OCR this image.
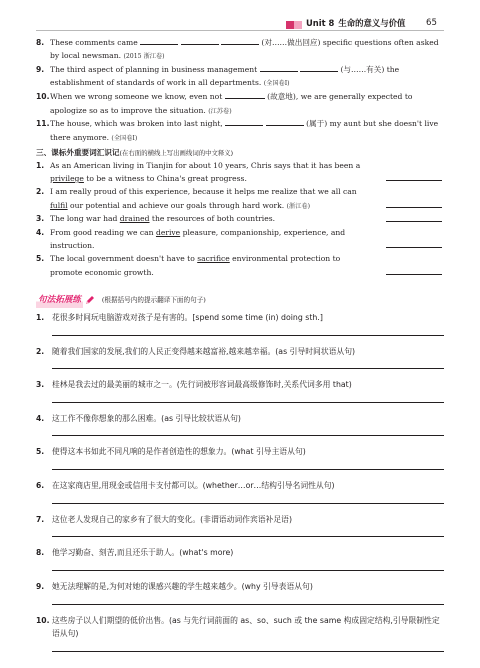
Unit 8 生命的意义与价值 65
8. These comments came	(对……做出回应) specific questions often asked by local newsman. (2015 浙江卷)
9. The third aspect of planning in business management	(与……有关) the establishment of standards of work in all departments. (全国卷Ⅰ)
10. When we wrong someone we know, even not	(故意地), we are generally expected to apologize so as to improve the situation. (江苏卷)
11. The house, which was broken into last night,	(属于) my aunt but she doesn't live there anymore. (全国卷Ⅰ)
三、课标外重要词汇识记(在右面的横线上写出画线词的中文释义)
1. As an American living in Tianjin for about 10 years, Chris says that it has been a privilege to be a witness to China's great progress.
2. I am really proud of this experience, because it helps me realize that we all can fulfil our potential and achieve our goals through hard work. (浙江卷)
3. The long war had drained the resources of both countries.
4. From good reading we can derive pleasure, companionship, experience, and instruction.
5. The local government doesn't have to sacrifice environmental protection to promote economic growth.
句法拓展练	(根据括号内的提示翻译下面的句子)
1. 花很多时间玩电脑游戏对孩子是有害的。[spend some time (in) doing sth.]
2. 随着我们国家的发展,我们的人民正变得越来越富裕,越来越幸福。(as 引导时间状语从句)
3. 桂林是我去过的最美丽的城市之一。(先行词被形容词最高级修饰时,关系代词多用 that)
4. 这工作不像你想象的那么困难。(as 引导比较状语从句)
5. 使得这本书如此不同凡响的是作者创造性的想象力。(what 引导主语从句)
6. 在这家商店里,用现金或信用卡支付都可以。(whether…or…结构引导名词性从句)
7. 这位老人发现自己的家乡有了很大的变化。(非谓语动词作宾语补足语)
8. 他学习勤奋、刻苦,而且还乐于助人。(what's more)
9. 她无法理解的是,为何对她的课感兴趣的学生越来越少。(why 引导表语从句)
10. 这些房子以人们期望的低价出售。(as 与先行词前面的 as、so、such 或 the same 构成固定结构,引导限制性定语从句)
